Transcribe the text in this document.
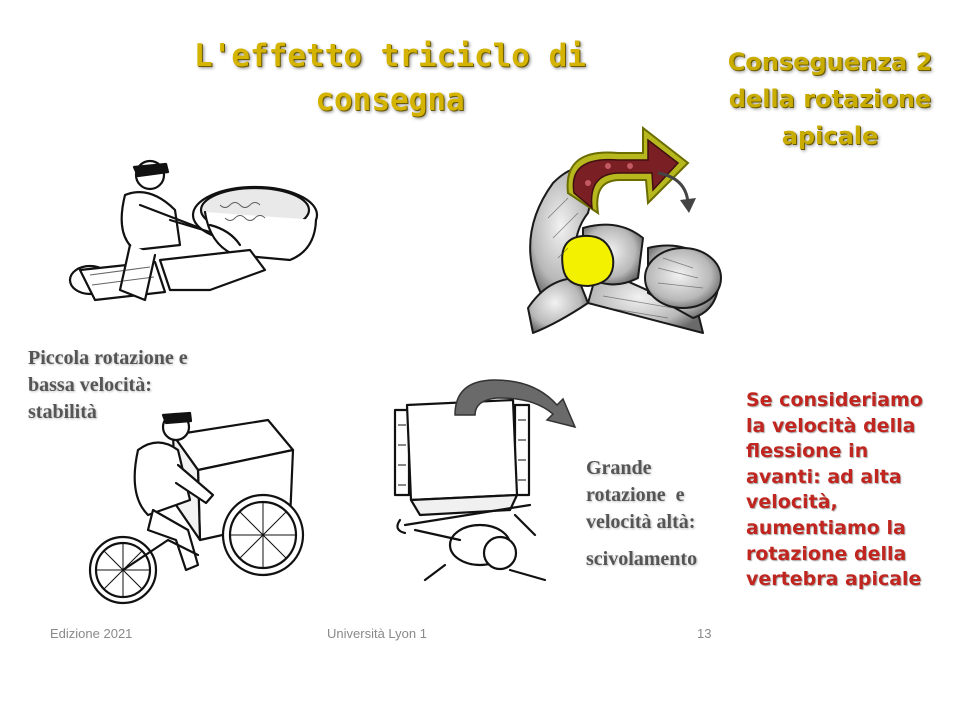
L'effetto triciclo di
consegna
Conseguenza 2
della rotazione
apicale
Piccola rotazione e
bassa velocità:
stabilità
Grande
rotazione  e
velocità altà:
scivolamento
Se consideriamo
la velocità della
flessione in
avanti: ad alta
velocità,
aumentiamo la
rotazione della
vertebra apicale
Edizione 2021	Università Lyon 1	13
